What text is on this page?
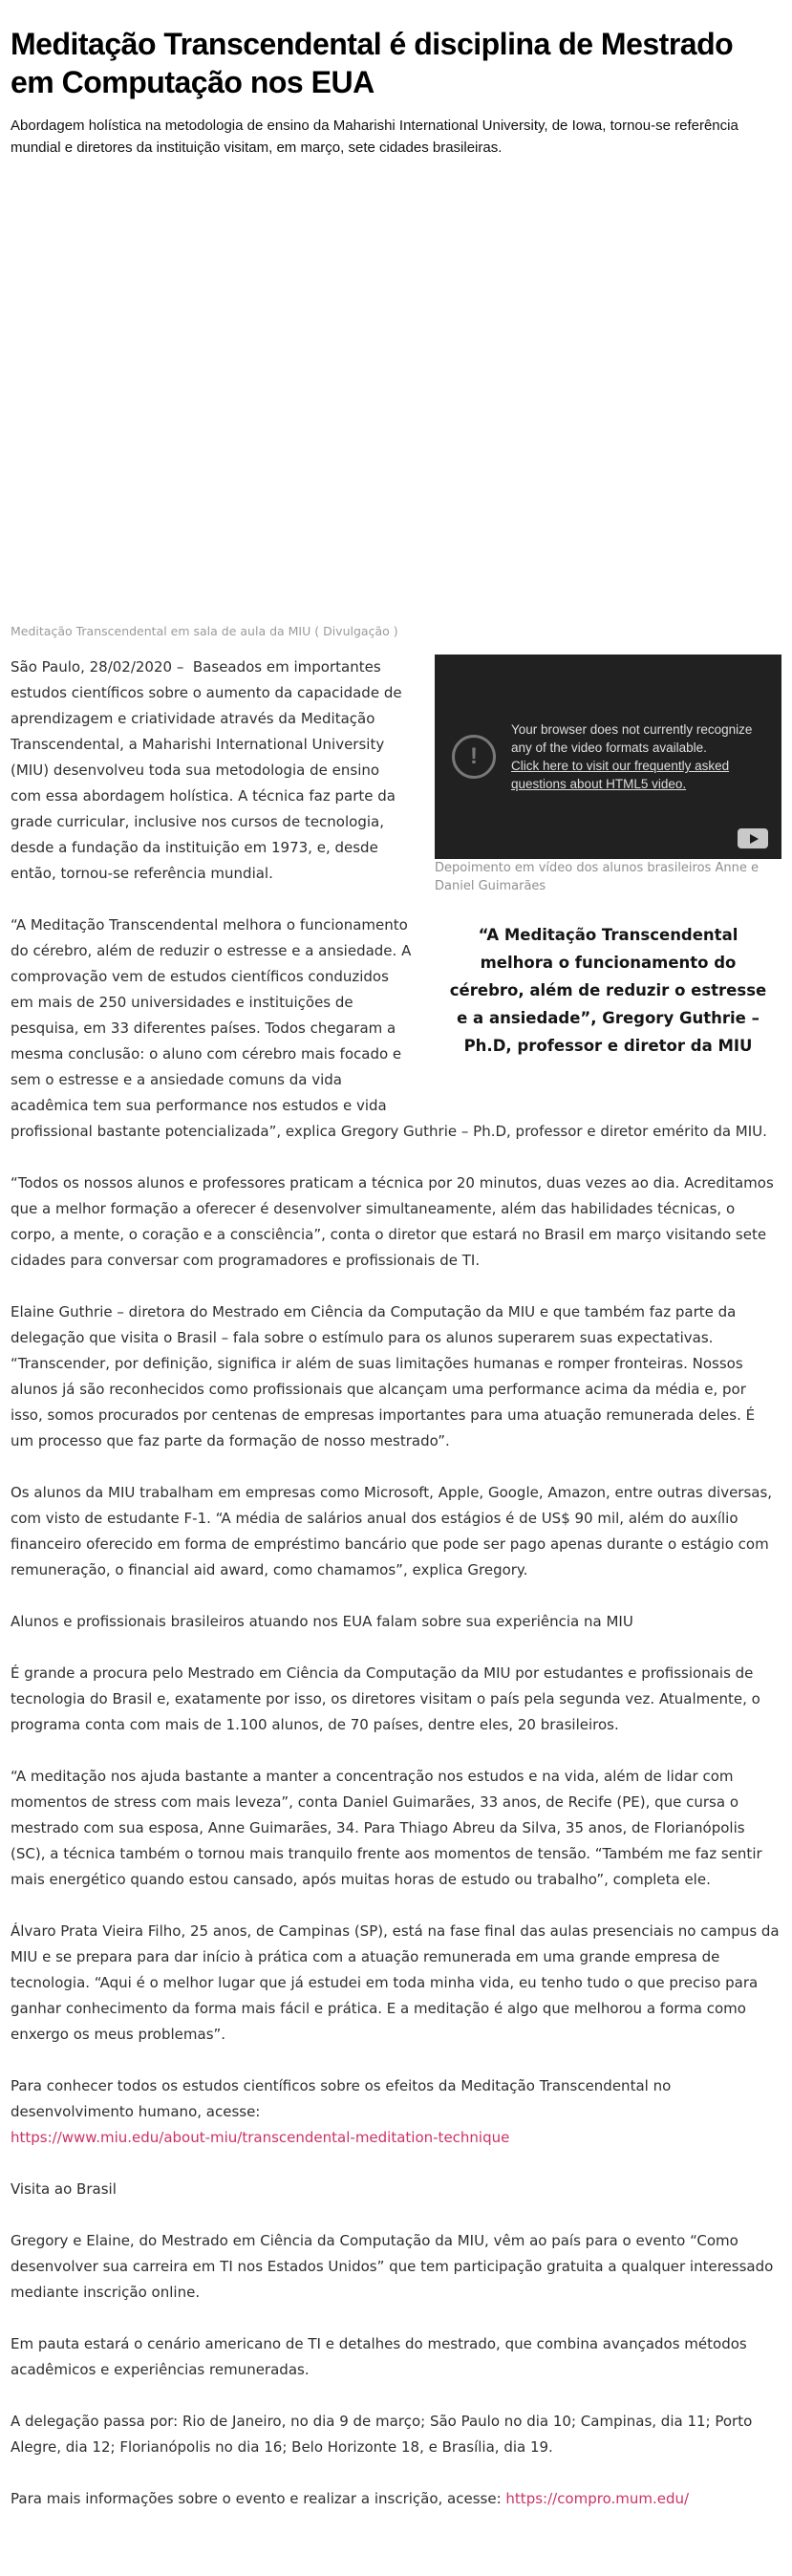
Meditação Transcendental é disciplina de Mestrado em Computação nos EUA

Abordagem holística na metodologia de ensino da Maharishi International University, de Iowa, tornou-se referência mundial e diretores da instituição visitam, em março, sete cidades brasileiras.

Meditação Transcendental em sala de aula da MIU ( Divulgação )

!
Your browser does not currently recognize any of the video formats available.
Click here to visit our frequently asked questions about HTML5 video.

Depoimento em vídeo dos alunos brasileiros Anne e Daniel Guimarães

“A Meditação Transcendental melhora o funcionamento do cérebro, além de reduzir o estresse e a ansiedade”, Gregory Guthrie – Ph.D, professor e diretor da MIU

São Paulo, 28/02/2020 – Baseados em importantes estudos científicos sobre o aumento da capacidade de aprendizagem e criatividade através da Meditação Transcendental, a Maharishi International University (MIU) desenvolveu toda sua metodologia de ensino com essa abordagem holística. A técnica faz parte da grade curricular, inclusive nos cursos de tecnologia, desde a fundação da instituição em 1973, e, desde então, tornou-se referência mundial.

“A Meditação Transcendental melhora o funcionamento do cérebro, além de reduzir o estresse e a ansiedade. A comprovação vem de estudos científicos conduzidos em mais de 250 universidades e instituições de pesquisa, em 33 diferentes países. Todos chegaram a mesma conclusão: o aluno com cérebro mais focado e sem o estresse e a ansiedade comuns da vida acadêmica tem sua performance nos estudos e vida profissional bastante potencializada”, explica Gregory Guthrie – Ph.D, professor e diretor emérito da MIU.

“Todos os nossos alunos e professores praticam a técnica por 20 minutos, duas vezes ao dia. Acreditamos que a melhor formação a oferecer é desenvolver simultaneamente, além das habilidades técnicas, o corpo, a mente, o coração e a consciência”, conta o diretor que estará no Brasil em março visitando sete cidades para conversar com programadores e profissionais de TI.

Elaine Guthrie – diretora do Mestrado em Ciência da Computação da MIU e que também faz parte da delegação que visita o Brasil – fala sobre o estímulo para os alunos superarem suas expectativas. “Transcender, por definição, significa ir além de suas limitações humanas e romper fronteiras. Nossos alunos já são reconhecidos como profissionais que alcançam uma performance acima da média e, por isso, somos procurados por centenas de empresas importantes para uma atuação remunerada deles. É um processo que faz parte da formação de nosso mestrado”.

Os alunos da MIU trabalham em empresas como Microsoft, Apple, Google, Amazon, entre outras diversas, com visto de estudante F-1. “A média de salários anual dos estágios é de US$ 90 mil, além do auxílio financeiro oferecido em forma de empréstimo bancário que pode ser pago apenas durante o estágio com remuneração, o financial aid award, como chamamos”, explica Gregory.

Alunos e profissionais brasileiros atuando nos EUA falam sobre sua experiência na MIU

É grande a procura pelo Mestrado em Ciência da Computação da MIU por estudantes e profissionais de tecnologia do Brasil e, exatamente por isso, os diretores visitam o país pela segunda vez. Atualmente, o programa conta com mais de 1.100 alunos, de 70 países, dentre eles, 20 brasileiros.

“A meditação nos ajuda bastante a manter a concentração nos estudos e na vida, além de lidar com momentos de stress com mais leveza”, conta Daniel Guimarães, 33 anos, de Recife (PE), que cursa o mestrado com sua esposa, Anne Guimarães, 34. Para Thiago Abreu da Silva, 35 anos, de Florianópolis (SC), a técnica também o tornou mais tranquilo frente aos momentos de tensão. “Também me faz sentir mais energético quando estou cansado, após muitas horas de estudo ou trabalho”, completa ele.

Álvaro Prata Vieira Filho, 25 anos, de Campinas (SP), está na fase final das aulas presenciais no campus da MIU e se prepara para dar início à prática com a atuação remunerada em uma grande empresa de tecnologia. “Aqui é o melhor lugar que já estudei em toda minha vida, eu tenho tudo o que preciso para ganhar conhecimento da forma mais fácil e prática. E a meditação é algo que melhorou a forma como enxergo os meus problemas”.

Para conhecer todos os estudos científicos sobre os efeitos da Meditação Transcendental no desenvolvimento humano, acesse:
https://www.miu.edu/about-miu/transcendental-meditation-technique

Visita ao Brasil

Gregory e Elaine, do Mestrado em Ciência da Computação da MIU, vêm ao país para o evento “Como desenvolver sua carreira em TI nos Estados Unidos” que tem participação gratuita a qualquer interessado mediante inscrição online.

Em pauta estará o cenário americano de TI e detalhes do mestrado, que combina avançados métodos acadêmicos e experiências remuneradas.

A delegação passa por: Rio de Janeiro, no dia 9 de março; São Paulo no dia 10; Campinas, dia 11; Porto Alegre, dia 12; Florianópolis no dia 16; Belo Horizonte 18, e Brasília, dia 19.

Para mais informações sobre o evento e realizar a inscrição, acesse: https://compro.mum.edu/
